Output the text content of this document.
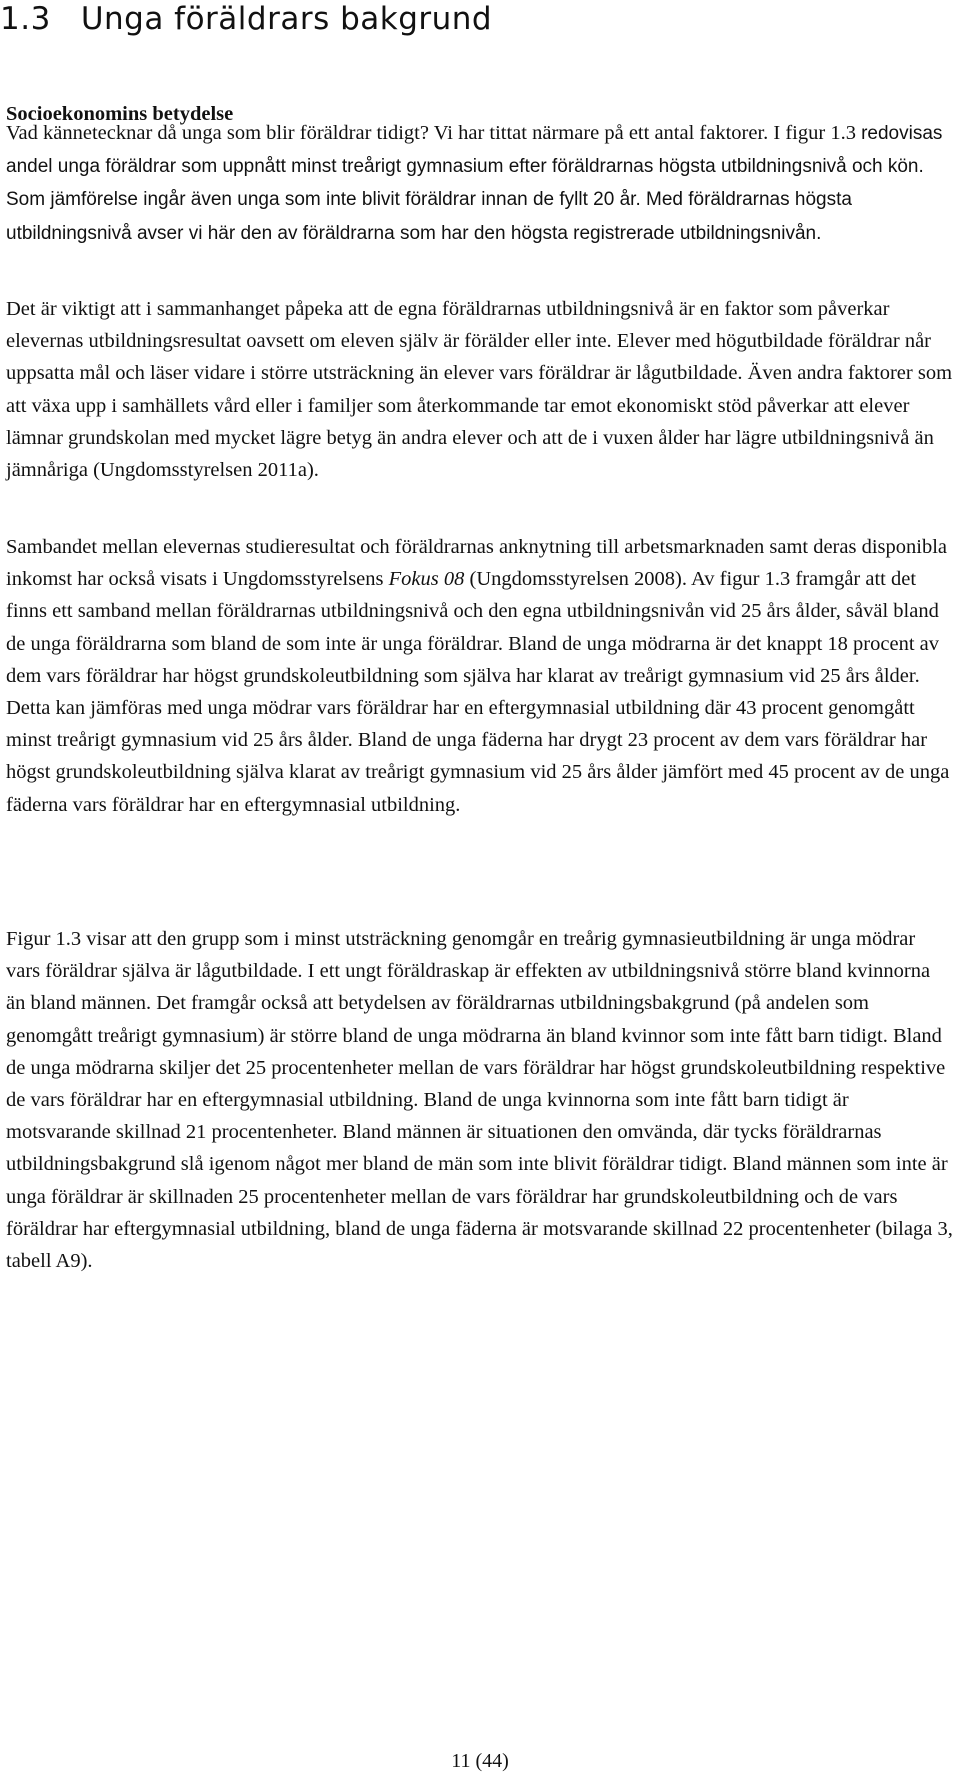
1.3 Unga föräldrars bakgrund
Socioekonomins betydelse

Vad kännetecknar då unga som blir föräldrar tidigt? Vi har tittat närmare på ett antal faktorer. I figur 1.3 redovisas andel unga föräldrar som uppnått minst treårigt gymnasium efter föräldrarnas högsta utbildningsnivå och kön. Som jämförelse ingår även unga som inte blivit föräldrar innan de fyllt 20 år. Med föräldrarnas högsta utbildningsnivå avser vi här den av föräldrarna som har den högsta registrerade utbildningsnivån.

Det är viktigt att i sammanhanget påpeka att de egna föräldrarnas utbildningsnivå är en faktor som påverkar elevernas utbildningsresultat oavsett om eleven själv är förälder eller inte. Elever med högutbildade föräldrar når uppsatta mål och läser vidare i större utsträckning än elever vars föräldrar är lågutbildade. Även andra faktorer som att växa upp i samhällets vård eller i familjer som återkommande tar emot ekonomiskt stöd påverkar att elever lämnar grundskolan med mycket lägre betyg än andra elever och att de i vuxen ålder har lägre utbildningsnivå än jämnåriga (Ungdomsstyrelsen 2011a).

Sambandet mellan elevernas studieresultat och föräldrarnas anknytning till arbetsmarknaden samt deras disponibla inkomst har också visats i Ungdomsstyrelsens Fokus 08 (Ungdomsstyrelsen 2008). Av figur 1.3 framgår att det finns ett samband mellan föräldrarnas utbildningsnivå och den egna utbildningsnivån vid 25 års ålder, såväl bland de unga föräldrarna som bland de som inte är unga föräldrar. Bland de unga mödrarna är det knappt 18 procent av dem vars föräldrar har högst grundskoleutbildning som själva har klarat av treårigt gymnasium vid 25 års ålder. Detta kan jämföras med unga mödrar vars föräldrar har en eftergymnasial utbildning där 43 procent genomgått minst treårigt gymnasium vid 25 års ålder. Bland de unga fäderna har drygt 23 procent av dem vars föräldrar har högst grundskoleutbildning själva klarat av treårigt gymnasium vid 25 års ålder jämfört med 45 procent av de unga fäderna vars föräldrar har en eftergymnasial utbildning.

Figur 1.3 visar att den grupp som i minst utsträckning genomgår en treårig gymnasieutbildning är unga mödrar vars föräldrar själva är lågutbildade. I ett ungt föräldraskap är effekten av utbildningsnivå större bland kvinnorna än bland männen. Det framgår också att betydelsen av föräldrarnas utbildningsbakgrund (på andelen som genomgått treårigt gymnasium) är större bland de unga mödrarna än bland kvinnor som inte fått barn tidigt. Bland de unga mödrarna skiljer det 25 procentenheter mellan de vars föräldrar har högst grundskoleutbildning respektive de vars föräldrar har en eftergymnasial utbildning. Bland de unga kvinnorna som inte fått barn tidigt är motsvarande skillnad 21 procentenheter. Bland männen är situationen den omvända, där tycks föräldrarnas utbildningsbakgrund slå igenom något mer bland de män som inte blivit föräldrar tidigt. Bland männen som inte är unga föräldrar är skillnaden 25 procentenheter mellan de vars föräldrar har grundskoleutbildning och de vars föräldrar har eftergymnasial utbildning, bland de unga fäderna är motsvarande skillnad 22 procentenheter (bilaga 3, tabell A9).

11 (44)
